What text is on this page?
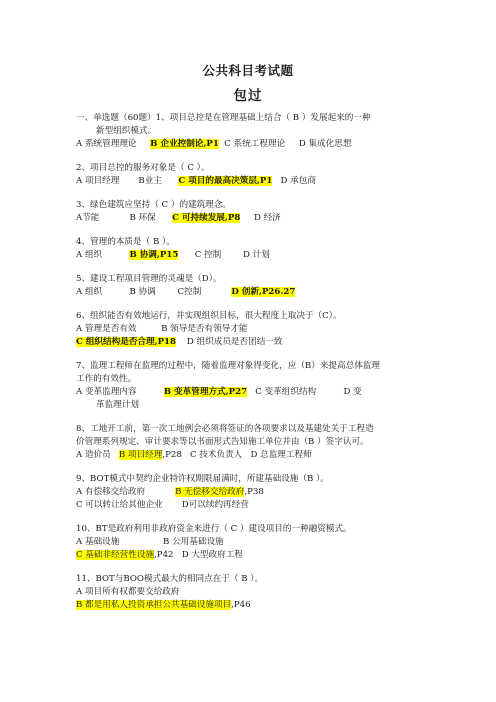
公共科目考试题
包过

一、单选题（60题）1、项目总控是在管理基础上结合（ B ）发展起来的一种

新型组织模式。

A 系统管理理论     B 企业控制论,P1  C 系统工程理论     D 集成化思想

2、项目总控的服务对象是（ C ）。

A 项目经理       B业主      C 项目的最高决策层,P1   D 承包商

3、绿色建筑应坚持（ C ）的建筑理念。

A节能           B 环保      C 可持续发展,P8     D 经济

4、管理的本质是（ B ）。

A 组织          B 协调,P15      C 控制        D 计划

5、建设工程项目管理的灵魂是（D）。

A 组织          B 协调        C控制           D 创新,P26.27

6、组织能否有效地运行，并实现组织目标，很大程度上取决于（C）。

A 管理是否有效         B 领导是否有领导才能

C 组织结构是否合理,P18    D 组织成员是否团结一致

7、监理工程师在监理的过程中，随着监理对象得变化，应（B）来提高总体监理

工作的有效性。

A 变革监理内容          B 变革管理方式,P27   C 变革组织结构          D 变

革监理计划

8、工地开工前，第一次工地例会必须将签证的各项要求以及基建处关于工程造

价管理系列规定、审计要求等以书面形式告知施工单位并由（B ）签字认可。

A 造价员   B 项目经理,P28   C 技术负责人   D 总监理工程师

9、BOT模式中契约企业特许权期限届满时，所建基础设施（B ）。

A 有偿移交给政府           B 无偿移交给政府,P38

C 可以转让给其他企业       D可以续约再经营

10、BT是政府利用非政府资金来进行（ C ）建设项目的一种融资模式。

A 基础设施                B 公用基础设施

C 基础非经营性设施,P42   D 大型政府工程

11、BOT与BOO模式最大的相同点在于（ B ）。

A 项目所有权都要交给政府

B 都是用私人投资承担公共基础设施项目,P46
